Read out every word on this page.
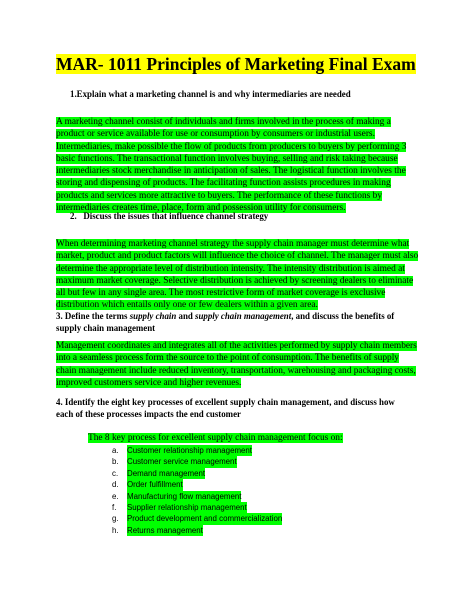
MAR- 1011 Principles of Marketing Final Exam
1.Explain what a marketing channel is and why intermediaries are needed
A marketing channel consist of individuals and firms involved in the process of making a
product or service available for use or consumption by consumers or industrial users.
Intermediaries, make possible the flow of products from producers to buyers by performing 3
basic functions. The transactional function involves buying, selling and risk taking because
intermediaries stock merchandise in anticipation of sales. The logistical function involves the
storing and dispensing of products. The facilitating function assists procedures in making
products and services more attractive to buyers. The performance of these functions by
intermediaries creates time, place, form and possession utility for consumers.
2. Discuss the issues that influence channel strategy
When determining marketing channel strategy the supply chain manager must determine what
market, product and product factors will influence the choice of channel. The manager must also
determine the appropriate level of distribution intensity. The intensity distribution is aimed at
maximum market coverage. Selective distribution is achieved by screening dealers to eliminate
all but few in any single area. The most restrictive form of market coverage is exclusive
distribution which entails only one or few dealers within a given area.
3. Define the terms supply chain and supply chain management, and discuss the benefits of
supply chain management
Management coordinates and integrates all of the activities performed by supply chain members
into a seamless process form the source to the point of consumption. The benefits of supply
chain management include reduced inventory, transportation, warehousing and packaging costs,
improved customers service and higher revenues.
4. Identify the eight key processes of excellent supply chain management, and discuss how
each of these processes impacts the end customer
The 8 key process for excellent supply chain management focus on:
a.	Customer relationship management
b.	Customer service management
c.	Demand management
d.	Order fulfillment
e.	Manufacturing flow management
f.	Supplier relationship management
g.	Product development and commercialization
h.	Returns management
